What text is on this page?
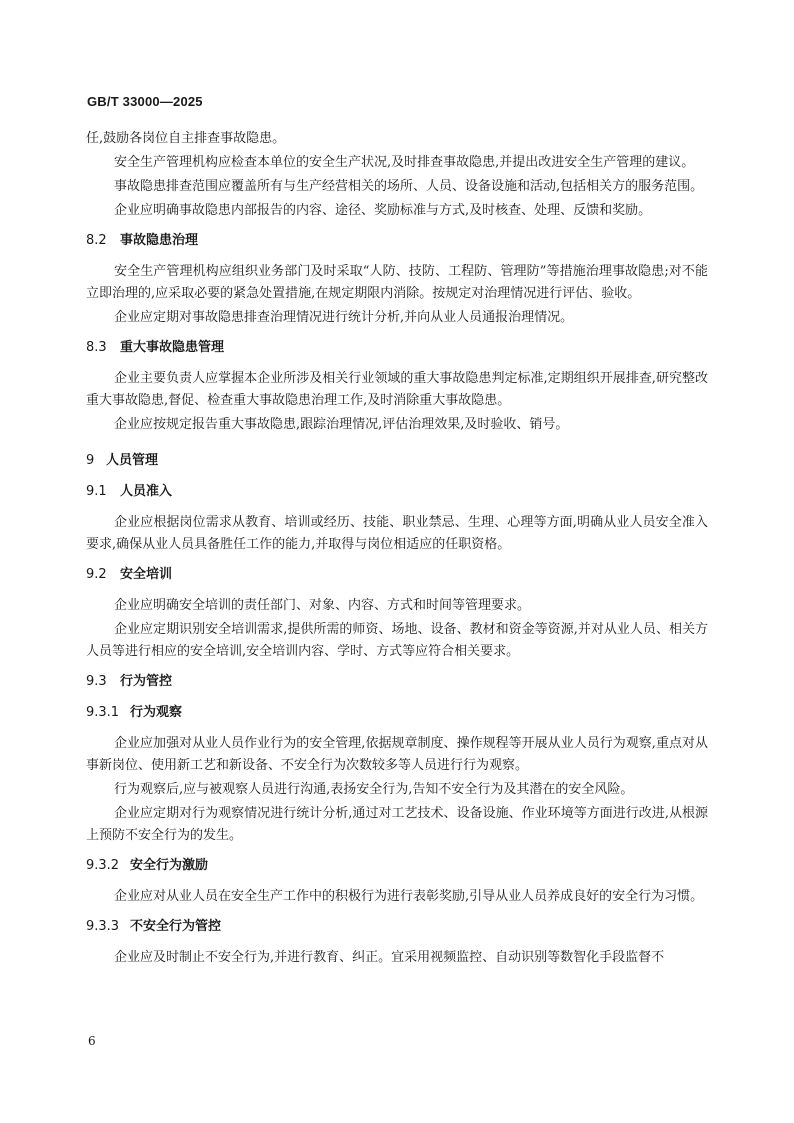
GB/T 33000—2025
任,鼓励各岗位自主排查事故隐患。
安全生产管理机构应检查本单位的安全生产状况,及时排查事故隐患,并提出改进安全生产管理的建议。
事故隐患排查范围应覆盖所有与生产经营相关的场所、人员、设备设施和活动,包括相关方的服务范围。
企业应明确事故隐患内部报告的内容、途径、奖励标准与方式,及时核查、处理、反馈和奖励。
8.2 事故隐患治理
安全生产管理机构应组织业务部门及时采取“人防、技防、工程防、管理防”等措施治理事故隐患;对不能立即治理的,应采取必要的紧急处置措施,在规定期限内消除。按规定对治理情况进行评估、验收。
企业应定期对事故隐患排查治理情况进行统计分析,并向从业人员通报治理情况。
8.3 重大事故隐患管理
企业主要负责人应掌握本企业所涉及相关行业领域的重大事故隐患判定标准,定期组织开展排查,研究整改重大事故隐患,督促、检查重大事故隐患治理工作,及时消除重大事故隐患。
企业应按规定报告重大事故隐患,跟踪治理情况,评估治理效果,及时验收、销号。
9 人员管理
9.1 人员准入
企业应根据岗位需求从教育、培训或经历、技能、职业禁忌、生理、心理等方面,明确从业人员安全准入要求,确保从业人员具备胜任工作的能力,并取得与岗位相适应的任职资格。
9.2 安全培训
企业应明确安全培训的责任部门、对象、内容、方式和时间等管理要求。
企业应定期识别安全培训需求,提供所需的师资、场地、设备、教材和资金等资源,并对从业人员、相关方人员等进行相应的安全培训,安全培训内容、学时、方式等应符合相关要求。
9.3 行为管控
9.3.1 行为观察
企业应加强对从业人员作业行为的安全管理,依据规章制度、操作规程等开展从业人员行为观察,重点对从事新岗位、使用新工艺和新设备、不安全行为次数较多等人员进行行为观察。
行为观察后,应与被观察人员进行沟通,表扬安全行为,告知不安全行为及其潜在的安全风险。
企业应定期对行为观察情况进行统计分析,通过对工艺技术、设备设施、作业环境等方面进行改进,从根源上预防不安全行为的发生。
9.3.2 安全行为激励
企业应对从业人员在安全生产工作中的积极行为进行表彰奖励,引导从业人员养成良好的安全行为习惯。
9.3.3 不安全行为管控
企业应及时制止不安全行为,并进行教育、纠正。宜采用视频监控、自动识别等数智化手段监督不
6
